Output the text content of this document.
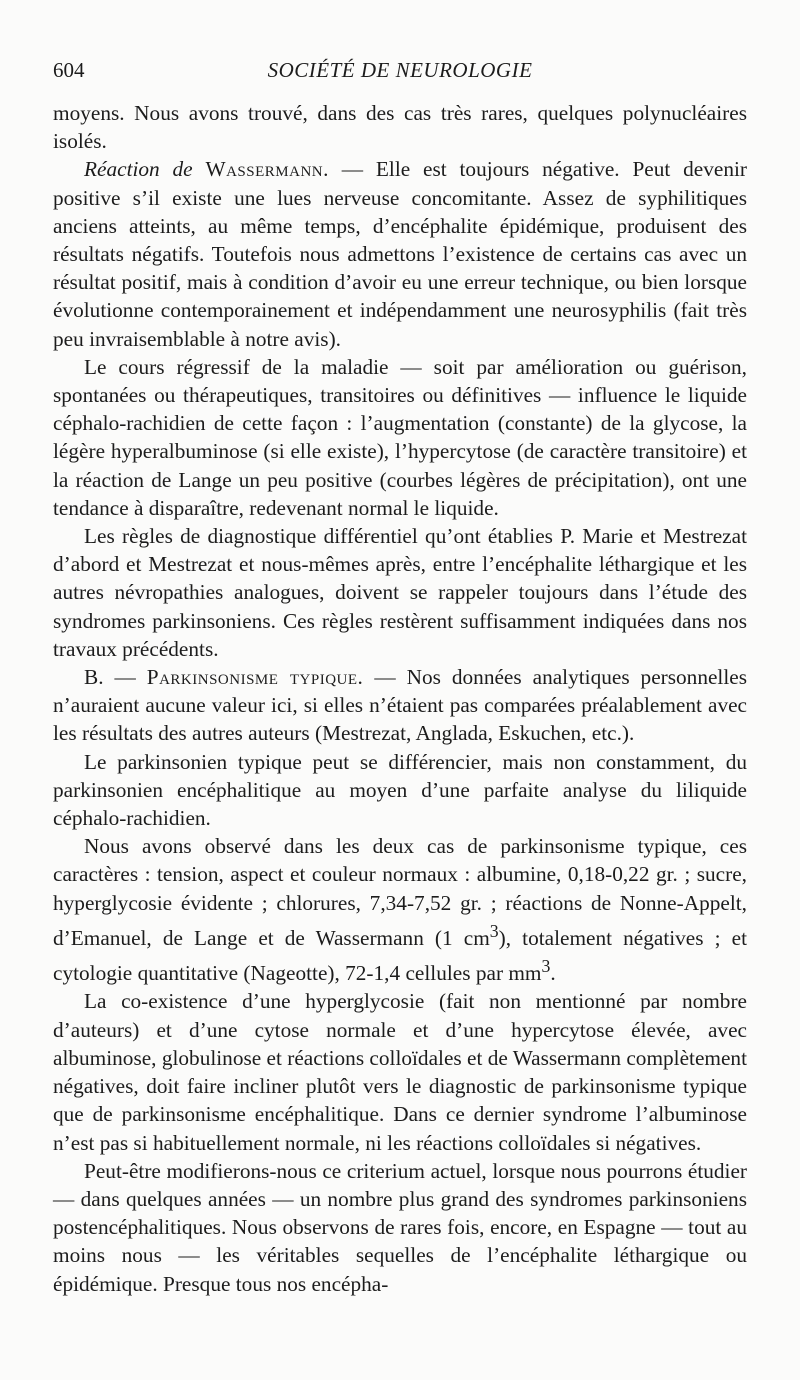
604	SOCIÉTÉ DE NEUROLOGIE

moyens. Nous avons trouvé, dans des cas très rares, quelques polynucléaires isolés.

Réaction de Wassermann. — Elle est toujours négative. Peut devenir positive s’il existe une lues nerveuse concomitante. Assez de syphilitiques anciens atteints, au même temps, d’encéphalite épidémique, produisent des résultats négatifs. Toutefois nous admettons l’existence de certains cas avec un résultat positif, mais à condition d’avoir eu une erreur technique, ou bien lorsque évolutionne contemporainement et indépendamment une neurosyphilis (fait très peu invraisemblable à notre avis).

Le cours régressif de la maladie — soit par amélioration ou guérison, spontanées ou thérapeutiques, transitoires ou définitives — influence le liquide céphalo-rachidien de cette façon : l’augmentation (constante) de la glycose, la légère hyperalbuminose (si elle existe), l’hypercytose (de caractère transitoire) et la réaction de Lange un peu positive (courbes légères de précipitation), ont une tendance à disparaître, redevenant normal le liquide.

Les règles de diagnostique différentiel qu’ont établies P. Marie et Mestrezat d’abord et Mestrezat et nous-mêmes après, entre l’encéphalite léthargique et les autres névropathies analogues, doivent se rappeler toujours dans l’étude des syndromes parkinsoniens. Ces règles restèrent suffisamment indiquées dans nos travaux précédents.

B. — Parkinsonisme typique. — Nos données analytiques personnelles n’auraient aucune valeur ici, si elles n’étaient pas comparées préalablement avec les résultats des autres auteurs (Mestrezat, Anglada, Eskuchen, etc.).

Le parkinsonien typique peut se différencier, mais non constamment, du parkinsonien encéphalitique au moyen d’une parfaite analyse du liliquide céphalo-rachidien.

Nous avons observé dans les deux cas de parkinsonisme typique, ces caractères : tension, aspect et couleur normaux : albumine, 0,18-0,22 gr. ; sucre, hyperglycosie évidente ; chlorures, 7,34-7,52 gr. ; réactions de Nonne-Appelt, d’Emanuel, de Lange et de Wassermann (1 $cm^3$), totalement négatives ; et cytologie quantitative (Nageotte), 72-1,4 cellules par $mm^3$.

La co-existence d’une hyperglycosie (fait non mentionné par nombre d’auteurs) et d’une cytose normale et d’une hypercytose élevée, avec albuminose, globulinose et réactions colloïdales et de Wassermann complètement négatives, doit faire incliner plutôt vers le diagnostic de parkinsonisme typique que de parkinsonisme encéphalitique. Dans ce dernier syndrome l’albuminose n’est pas si habituellement normale, ni les réactions colloïdales si négatives.

Peut-être modifierons-nous ce criterium actuel, lorsque nous pourrons étudier — dans quelques années — un nombre plus grand des syndromes parkinsoniens postencéphalitiques. Nous observons de rares fois, encore, en Espagne — tout au moins nous — les véritables sequelles de l’encéphalite léthargique ou épidémique. Presque tous nos encépha-
